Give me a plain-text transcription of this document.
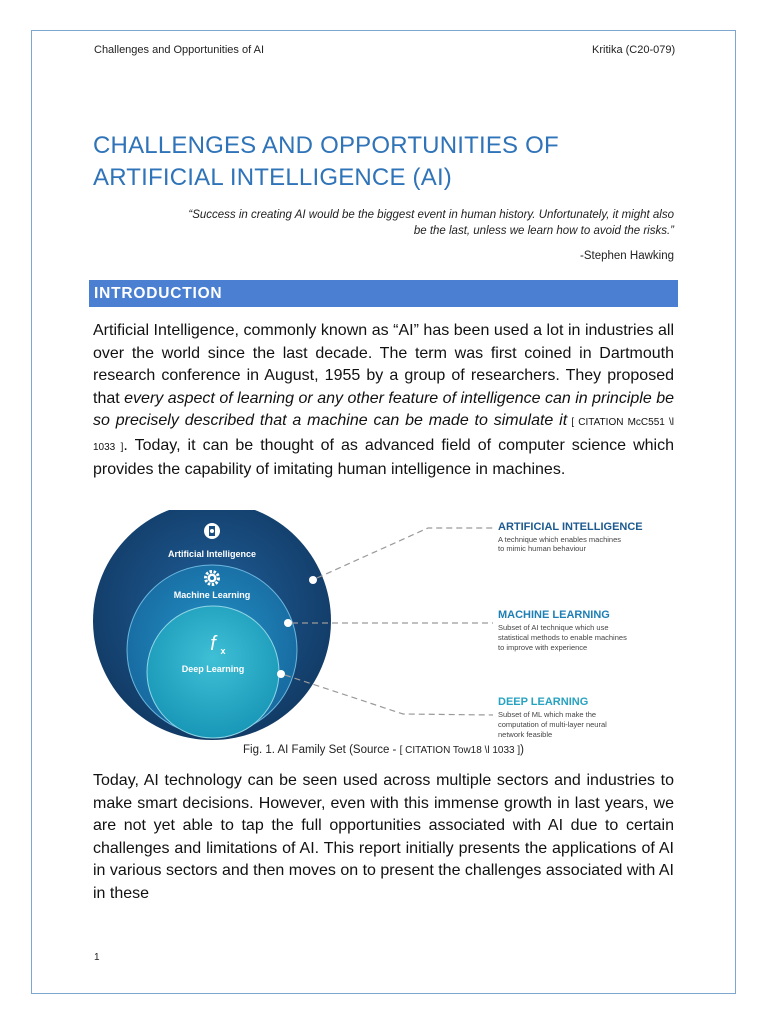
Challenges and Opportunities of AI	Kritika (C20-079)
CHALLENGES AND OPPORTUNITIES OF
ARTIFICIAL INTELLIGENCE (AI)
“Success in creating AI would be the biggest event in human history. Unfortunately, it might also be the last, unless we learn how to avoid the risks.”
-Stephen Hawking
INTRODUCTION
Artificial Intelligence, commonly known as “AI” has been used a lot in industries all over the world since the last decade. The term was first coined in Dartmouth research conference in August, 1955 by a group of researchers. They proposed that every aspect of learning or any other feature of intelligence can in principle be so precisely described that a machine can be made to simulate it [ CITATION McC551 \l 1033 ]. Today, it can be thought of as advanced field of computer science which provides the capability of imitating human intelligence in machines.
Artificial Intelligence
Machine Learning
f x
Deep Learning
ARTIFICIAL INTELLIGENCE
A technique which enables machines
to mimic human behaviour
MACHINE LEARNING
Subset of AI technique which use
statistical methods to enable machines
to improve with experience
DEEP LEARNING
Subset of ML which make the
computation of multi-layer neural
network feasible
Fig. 1. AI Family Set (Source - [ CITATION Tow18 \l 1033 ])
Today, AI technology can be seen used across multiple sectors and industries to make smart decisions. However, even with this immense growth in last years, we are not yet able to tap the full opportunities associated with AI due to certain challenges and limitations of AI. This report initially presents the applications of AI in various sectors and then moves on to present the challenges associated with AI in these
1
